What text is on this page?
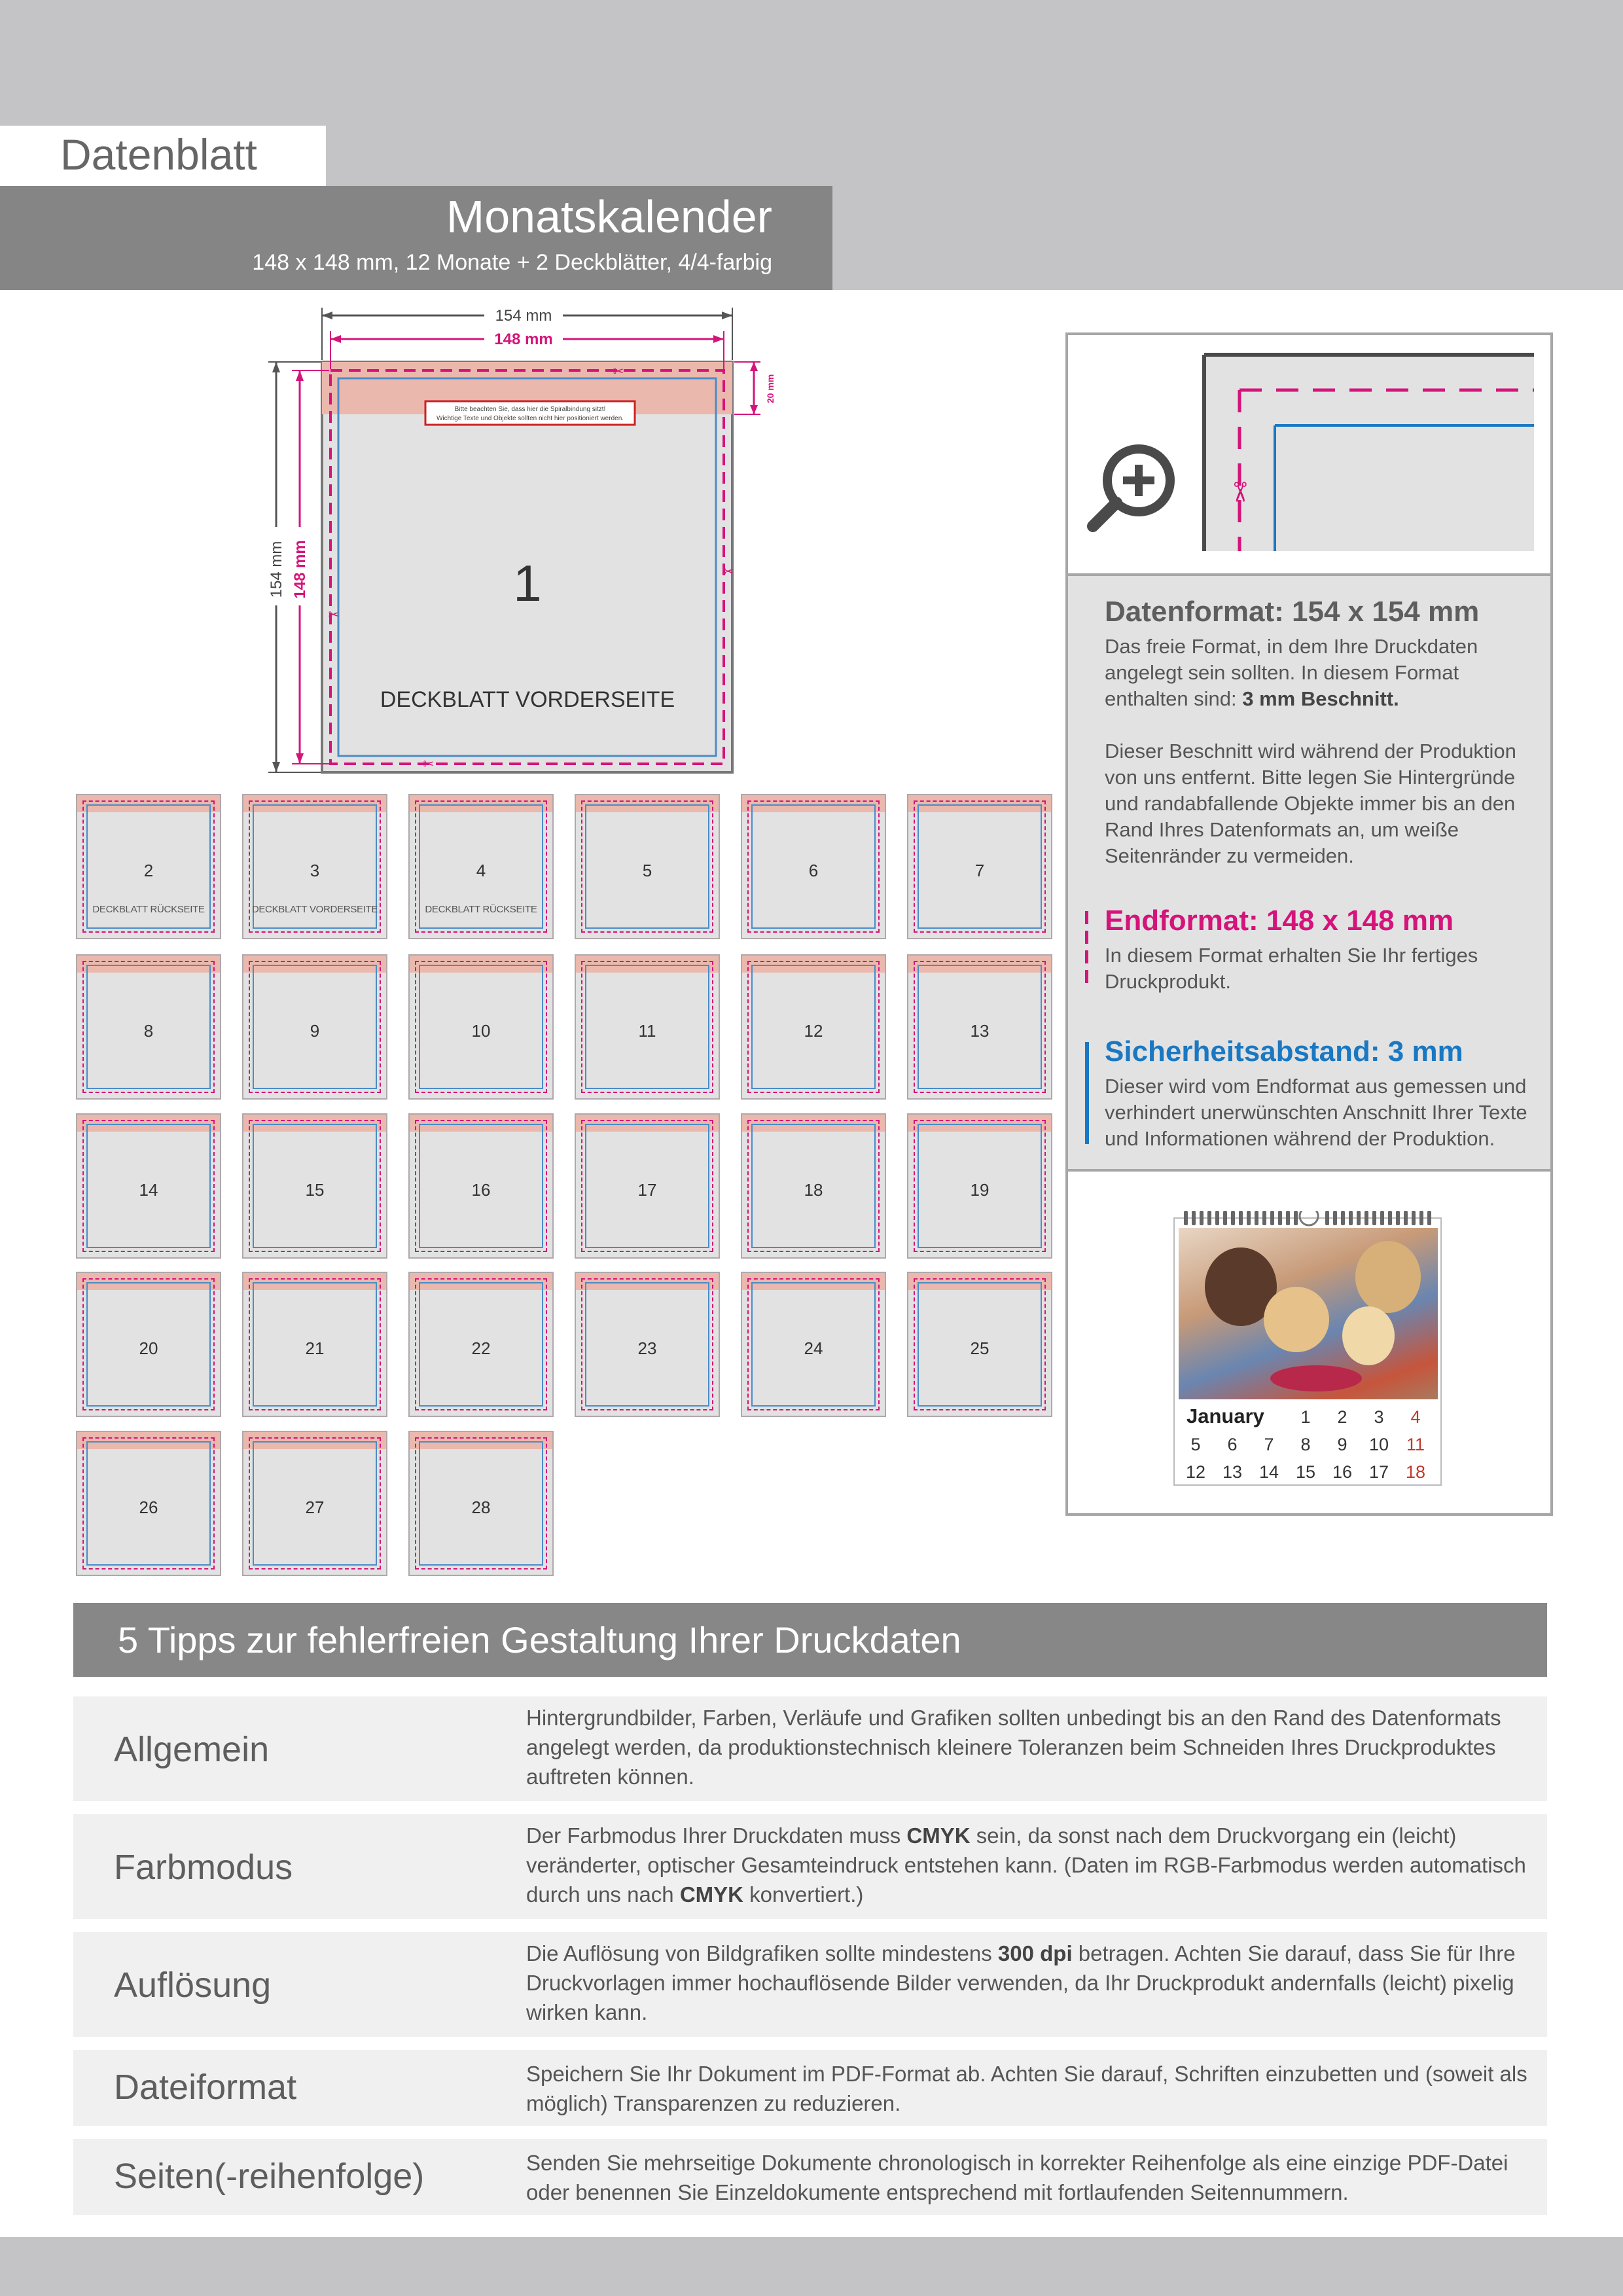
Datenblatt
Monatskalender
148 x 148 mm, 12 Monate + 2 Deckblätter, 4/4-farbig
154 mm
148 mm
154 mm 148 mm
20 mm
Bitte beachten Sie, dass hier die Spiralbindung sitzt!
Wichtige Texte und Objekte sollten nicht hier positioniert werden.
✂
✂
✂
✂
1
DECKBLATT VORDERSEITE
2
DECKBLATT RÜCKSEITE
3
DECKBLATT VORDERSEITE
4
DECKBLATT RÜCKSEITE
5	6	7
8	9	10	11	12	13
14	15	16	17	18	19
20	21	22	23	24	25
26	27	28
✂
Datenformat: 154 x 154 mm
Das freie Format, in dem Ihre Druckdaten angelegt sein sollten. In diesem Format enthalten sind: 3 mm Beschnitt.
Dieser Beschnitt wird während der Produktion von uns entfernt. Bitte legen Sie Hintergründe und randabfallende Objekte immer bis an den Rand Ihres Datenformats an, um weiße Seitenränder zu vermeiden.
Endformat: 148 x 148 mm
In diesem Format erhalten Sie Ihr fertiges Druckprodukt.
Sicherheitsabstand: 3 mm
Dieser wird vom Endformat aus gemessen und verhindert unerwünschten Anschnitt Ihrer Texte und Informationen während der Produktion.
January	1	2	3	4
5	6	7	8	9	10 11
12 13 14 15 16 17 18
5 Tipps zur fehlerfreien Gestaltung Ihrer Druckdaten
Allgemein
Hintergrundbilder, Farben, Verläufe und Grafiken sollten unbedingt bis an den Rand des Datenformats angelegt werden, da produktionstechnisch kleinere Toleranzen beim Schneiden Ihres Druckproduktes auftreten können.
Farbmodus
Der Farbmodus Ihrer Druckdaten muss CMYK sein, da sonst nach dem Druckvorgang ein (leicht) veränderter, optischer Gesamteindruck entstehen kann. (Daten im RGB-Farbmodus werden automatisch durch uns nach CMYK konvertiert.)
Auflösung
Die Auflösung von Bildgrafiken sollte mindestens 300 dpi betragen. Achten Sie darauf, dass Sie für Ihre Druckvorlagen immer hochauflösende Bilder verwenden, da Ihr Druckprodukt andernfalls (leicht) pixelig wirken kann.
Dateiformat	Speichern Sie Ihr Dokument im PDF-Format ab. Achten Sie darauf, Schriften einzubetten und (soweit als möglich) Transparenzen zu reduzieren.
Seiten(-reihenfolge)	Senden Sie mehrseitige Dokumente chronologisch in korrekter Reihenfolge als eine einzige PDF-Datei oder benennen Sie Einzeldokumente entsprechend mit fortlaufenden Seitennummern.
